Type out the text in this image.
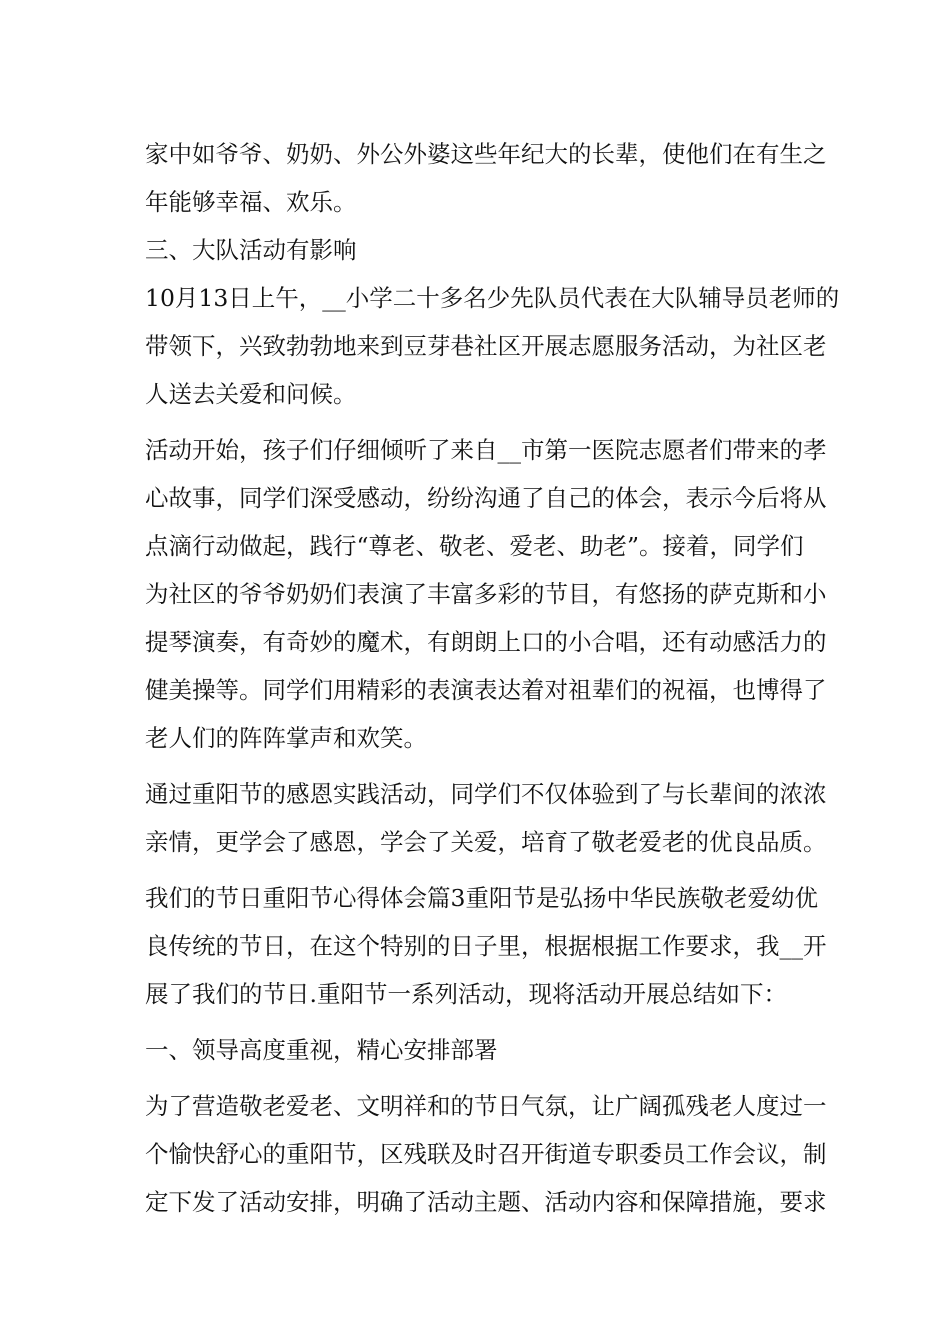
家中如爷爷、奶奶、外公外婆这些年纪大的长辈，使他们在有生之
年能够幸福、欢乐。
三、大队活动有影响
10月13日上午，__小学二十多名少先队员代表在大队辅导员老师的
带领下，兴致勃勃地来到豆芽巷社区开展志愿服务活动，为社区老
人送去关爱和问候。
活动开始，孩子们仔细倾听了来自__市第一医院志愿者们带来的孝
心故事，同学们深受感动，纷纷沟通了自己的体会，表示今后将从
点滴行动做起，践行“尊老、敬老、爱老、助老”。接着，同学们
为社区的爷爷奶奶们表演了丰富多彩的节目，有悠扬的萨克斯和小
提琴演奏，有奇妙的魔术，有朗朗上口的小合唱，还有动感活力的
健美操等。同学们用精彩的表演表达着对祖辈们的祝福，也博得了
老人们的阵阵掌声和欢笑。
通过重阳节的感恩实践活动，同学们不仅体验到了与长辈间的浓浓
亲情，更学会了感恩，学会了关爱，培育了敬老爱老的优良品质。
我们的节日重阳节心得体会篇3重阳节是弘扬中华民族敬老爱幼优
良传统的节日，在这个特别的日子里，根据根据工作要求，我__开
展了我们的节日.重阳节一系列活动，现将活动开展总结如下：
一、领导高度重视，精心安排部署
为了营造敬老爱老、文明祥和的节日气氛，让广阔孤残老人度过一
个愉快舒心的重阳节，区残联及时召开街道专职委员工作会议，制
定下发了活动安排，明确了活动主题、活动内容和保障措施，要求
